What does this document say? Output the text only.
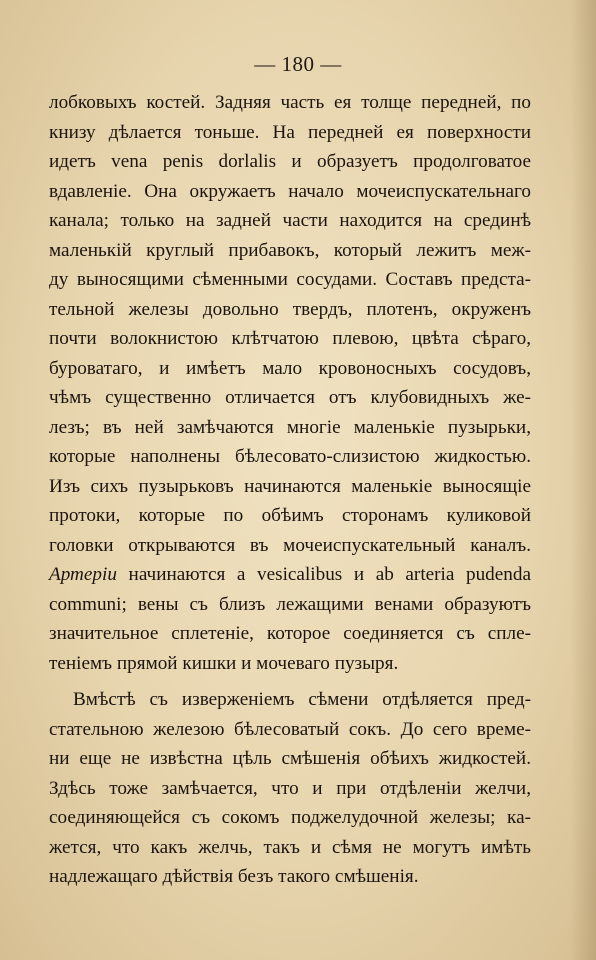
— 180 —
лобковыхъ костей. Задняя часть ея толще передней, по
книзу дѣлается тоньше. На передней ея поверхности
идетъ vena penis dorlalis и образуетъ продолговатое
вдавленіе. Она окружаетъ начало мочеиспускательнаго
канала; только на задней части находится на срединѣ
маленькій круглый прибавокъ, который лежитъ меж-
ду выносящими сѣменными сосудами. Составъ предста-
тельной железы довольно твердъ, плотенъ, окруженъ
почти волокнистою клѣтчатою плевою, цвѣта сѣраго,
буроватаго, и имѣетъ мало кровоносныхъ сосудовъ,
чѣмъ существенно отличается отъ клубовидныхъ же-
лезъ; въ ней замѣчаются многіе маленькіе пузырьки,
которые наполнены бѣлесовато-слизистою жидкостью.
Изъ сихъ пузырьковъ начинаются маленькіе выносящіе
протоки, которые по обѣимъ сторонамъ куликовой
головки открываются въ мочеиспускательный каналъ.
Артеріи начинаются a vesicalibus и ab arteria pudenda
communi; вены съ близъ лежащими венами образуютъ
значительное сплетеніе, которое соединяется съ сплe-
теніемъ прямой кишки и мочеваго пузыря.
Вмѣстѣ съ изверженіемъ сѣмени отдѣляется пред-
стательною железою бѣлесоватый сокъ. До сего време-
ни еще не извѣстна цѣль смѣшенія обѣихъ жидкостей.
Здѣсь тоже замѣчается, что и при отдѣленіи желчи,
соединяющейся съ сокомъ поджелудочной железы; ка-
жется, что какъ желчь, такъ и сѣмя не могутъ имѣть
надлежащаго дѣйствія безъ такого смѣшенія.
